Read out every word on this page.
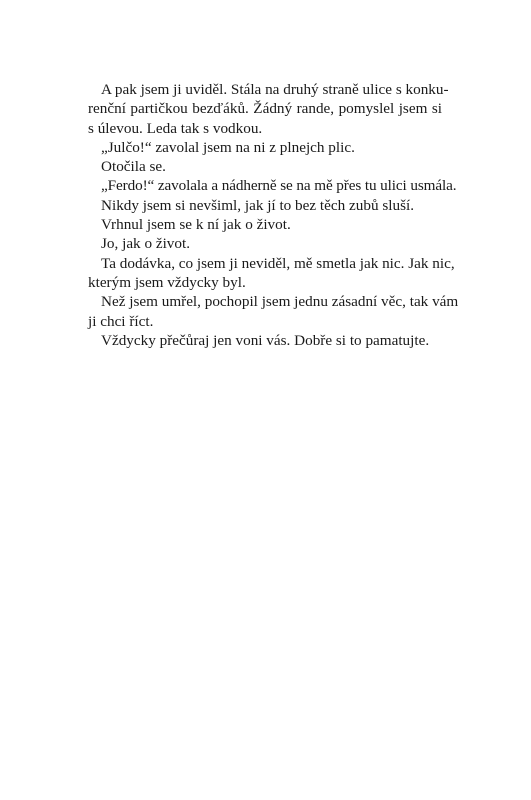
A pak jsem ji uviděl. Stála na druhý straně ulice s konku-
renční partičkou bezďáků. Žádný rande, pomyslel jsem si
s úlevou. Leda tak s vodkou.
„Julčo!“ zavolal jsem na ni z plnejch plic.
Otočila se.
„Ferdo!“ zavolala a nádherně se na mě přes tu ulici usmála.
Nikdy jsem si nevšiml, jak jí to bez těch zubů sluší.
Vrhnul jsem se k ní jak o život.
Jo, jak o život.
Ta dodávka, co jsem ji neviděl, mě smetla jak nic. Jak nic,
kterým jsem vždycky byl.
Než jsem umřel, pochopil jsem jednu zásadní věc, tak vám
ji chci říct.
Vždycky přečůraj jen voni vás. Dobře si to pamatujte.
